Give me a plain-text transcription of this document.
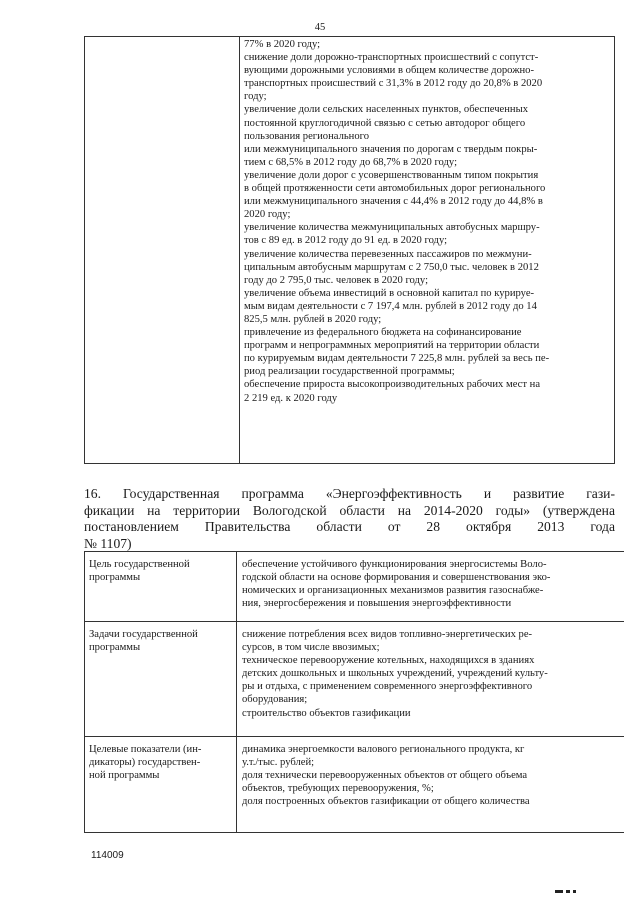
45
77% в 2020 году;
снижение доли дорожно-транспортных происшествий с сопутст-
вующими дорожными условиями в общем количестве дорожно-
транспортных происшествий с 31,3% в 2012 году до 20,8% в 2020
году;
увеличение доли сельских населенных пунктов, обеспеченных
постоянной круглогодичной связью с сетью автодорог общего
пользования регионального
или межмуниципального значения по дорогам с твердым покры-
тием с 68,5% в 2012 году до 68,7% в 2020 году;
увеличение доли дорог с усовершенствованным типом покрытия
в общей протяженности сети автомобильных дорог регионального
или межмуниципального значения с 44,4% в 2012 году до 44,8% в
2020 году;
увеличение количества межмуниципальных автобусных маршру-
тов с 89 ед. в 2012 году до 91 ед. в 2020 году;
увеличение количества перевезенных пассажиров по межмуни-
ципальным автобусным маршрутам с 2 750,0 тыс. человек в 2012
году до 2 795,0 тыс. человек в 2020 году;
увеличение объема инвестиций в основной капитал по курируе-
мым видам деятельности с 7 197,4 млн. рублей в 2012 году до 14
825,5 млн. рублей в 2020 году;
привлечение из федерального бюджета на софинансирование
программ и непрограммных мероприятий на территории области
по курируемым видам деятельности 7 225,8 млн. рублей за весь пе-
риод реализации государственной программы;
обеспечение прироста высокопроизводительных рабочих мест на
2 219 ед. к 2020 году
16. Государственная программа «Энергоэффективность и развитие гази-
фикации на территории Вологодской области на 2014-2020 годы» (утверждена
постановлением Правительства области от 28 октября 2013 года
№ 1107)
Цель государственной
программы
обеспечение устойчивого функционирования энергосистемы Воло-
годской области на основе формирования и совершенствования эко-
номических и организационных механизмов развития газоснабже-
ния, энергосбережения и повышения энергоэффективности
Задачи государственной
программы
снижение потребления всех видов топливно-энергетических ре-
сурсов, в том числе ввозимых;
техническое перевооружение котельных, находящихся в зданиях
детских дошкольных и школьных учреждений, учреждений культу-
ры и отдыха, с применением современного энергоэффективного
оборудования;
строительство объектов газификации
Целевые показатели (ин-
дикаторы) государствен-
ной программы
динамика энергоемкости валового регионального продукта, кг
у.т./тыс. рублей;
доля технически перевооруженных объектов от общего объема
объектов, требующих перевооружения, %;
доля построенных объектов газификации от общего количества
114009
